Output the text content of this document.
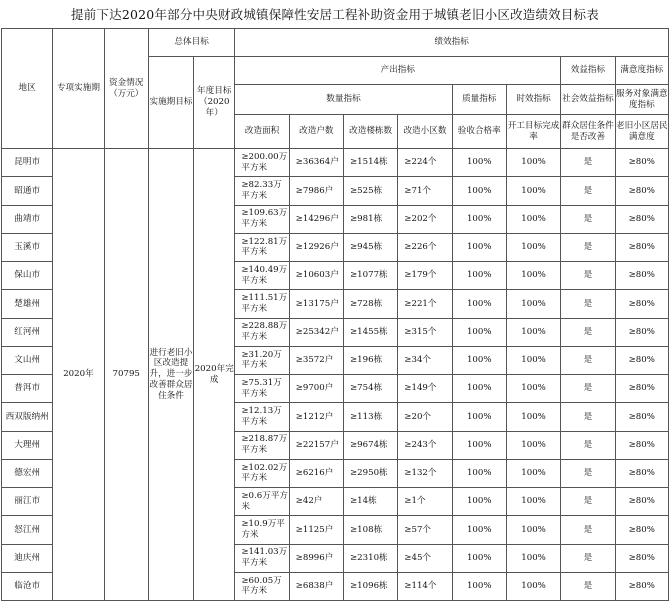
提前下达2020年部分中央财政城镇保障性安居工程补助资金用于城镇老旧小区改造绩效目标表
地区	专项实施期	资金情况（万元）	总体目标		绩效指标							
			实施期目标	年度目标（2020年）	产出指标						效益指标	满意度指标
					数量指标				质量指标	时效指标	社会效益指标	服务对象满意度指标
					改造面积	改造户数	改造楼栋数	改造小区数	验收合格率	开工目标完成率	群众居住条件是否改善	老旧小区居民满意度
昆明市	2020年	70795	进行老旧小区改造提升，进一步改善群众居住条件	2020年完成	≥200.00万平方米	≥36364户	≥1514栋	≥224个	100%	100%	是	≥80%
昭通市					≥82.33万平方米	≥7986户	≥525栋	≥71个	100%	100%	是	≥80%
曲靖市					≥109.63万平方米	≥14296户	≥981栋	≥202个	100%	100%	是	≥80%
玉溪市					≥122.81万平方米	≥12926户	≥945栋	≥226个	100%	100%	是	≥80%
保山市					≥140.49万平方米	≥10603户	≥1077栋	≥179个	100%	100%	是	≥80%
楚雄州					≥111.51万平方米	≥13175户	≥728栋	≥221个	100%	100%	是	≥80%
红河州					≥228.88万平方米	≥25342户	≥1455栋	≥315个	100%	100%	是	≥80%
文山州					≥31.20万平方米	≥3572户	≥196栋	≥34个	100%	100%	是	≥80%
普洱市					≥75.31万平方米	≥9700户	≥754栋	≥149个	100%	100%	是	≥80%
西双版纳州					≥12.13万平方米	≥1212户	≥113栋	≥20个	100%	100%	是	≥80%
大理州					≥218.87万平方米	≥22157户	≥9674栋	≥243个	100%	100%	是	≥80%
德宏州					≥102.02万平方米	≥6216户	≥2950栋	≥132个	100%	100%	是	≥80%
丽江市					≥0.6万平方米	≥42户	≥14栋	≥1个	100%	100%	是	≥80%
怒江州					≥10.9万平方米	≥1125户	≥108栋	≥57个	100%	100%	是	≥80%
迪庆州					≥141.03万平方米	≥8996户	≥2310栋	≥45个	100%	100%	是	≥80%
临沧市					≥60.05万平方米	≥6838户	≥1096栋	≥114个	100%	100%	是	≥80%
